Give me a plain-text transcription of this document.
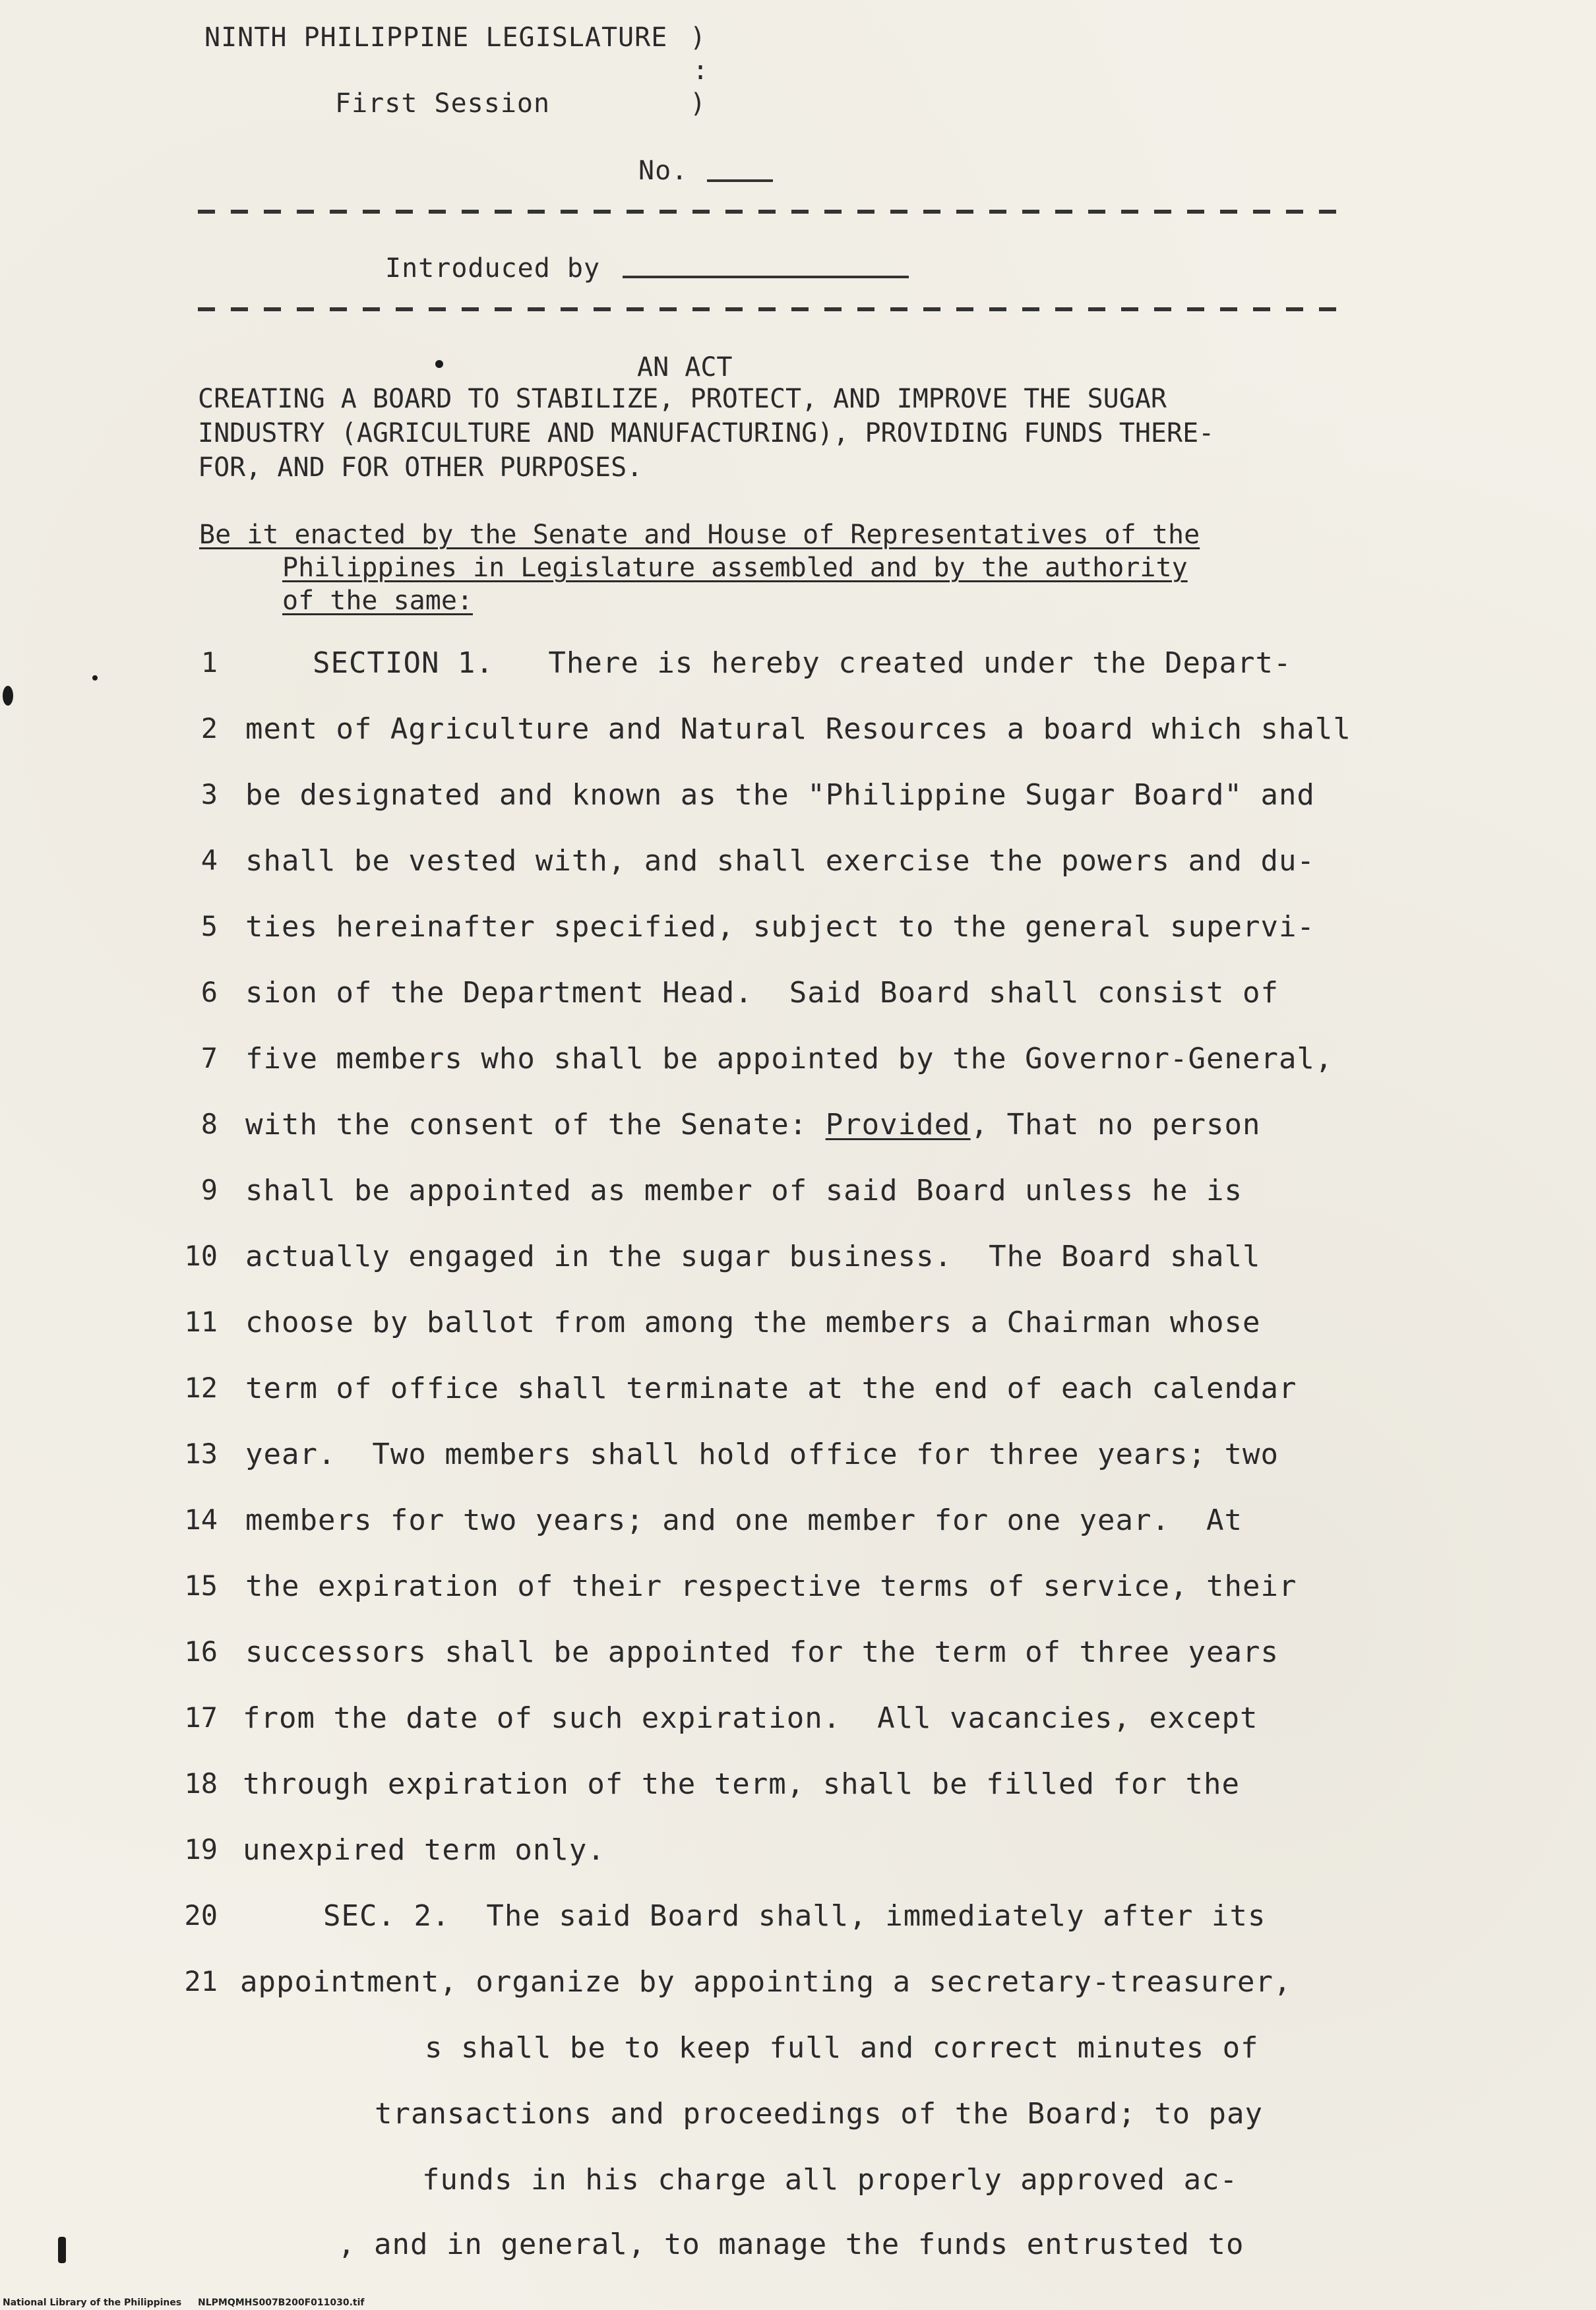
NINTH PHILIPPINE LEGISLATURE )
:
First Session	)
No.
Introduced by
AN ACT
CREATING A BOARD TO STABILIZE, PROTECT, AND IMPROVE THE SUGAR
INDUSTRY (AGRICULTURE AND MANUFACTURING), PROVIDING FUNDS THERE-
FOR, AND FOR OTHER PURPOSES.
Be it enacted by the Senate and House of Representatives of the
Philippines in Legislature assembled and by the authority
of the same:
1	SECTION 1.   There is hereby created under the Depart-
2 ment of Agriculture and Natural Resources a board which shall
3 be designated and known as the "Philippine Sugar Board" and
4 shall be vested with, and shall exercise the powers and du-
5 ties hereinafter specified, subject to the general supervi-
6 sion of the Department Head.  Said Board shall consist of
7 five members who shall be appointed by the Governor-General,
8 with the consent of the Senate: Provided, That no person
9 shall be appointed as member of said Board unless he is
10 actually engaged in the sugar business.  The Board shall
11 choose by ballot from among the members a Chairman whose
12 term of office shall terminate at the end of each calendar
13 year.  Two members shall hold office for three years; two
14 members for two years; and one member for one year.  At
15 the expiration of their respective terms of service, their
16 successors shall be appointed for the term of three years
17 from the date of such expiration.  All vacancies, except
18 through expiration of the term, shall be filled for the
19 unexpired term only.
20	SEC. 2.  The said Board shall, immediately after its
21 appointment, organize by appointing a secretary-treasurer,
s shall be to keep full and correct minutes of
transactions and proceedings of the Board; to pay
funds in his charge all properly approved ac-
, and in general, to manage the funds entrusted to
National Library of the Philippines NLPMQMHS007B200F011030.tif
